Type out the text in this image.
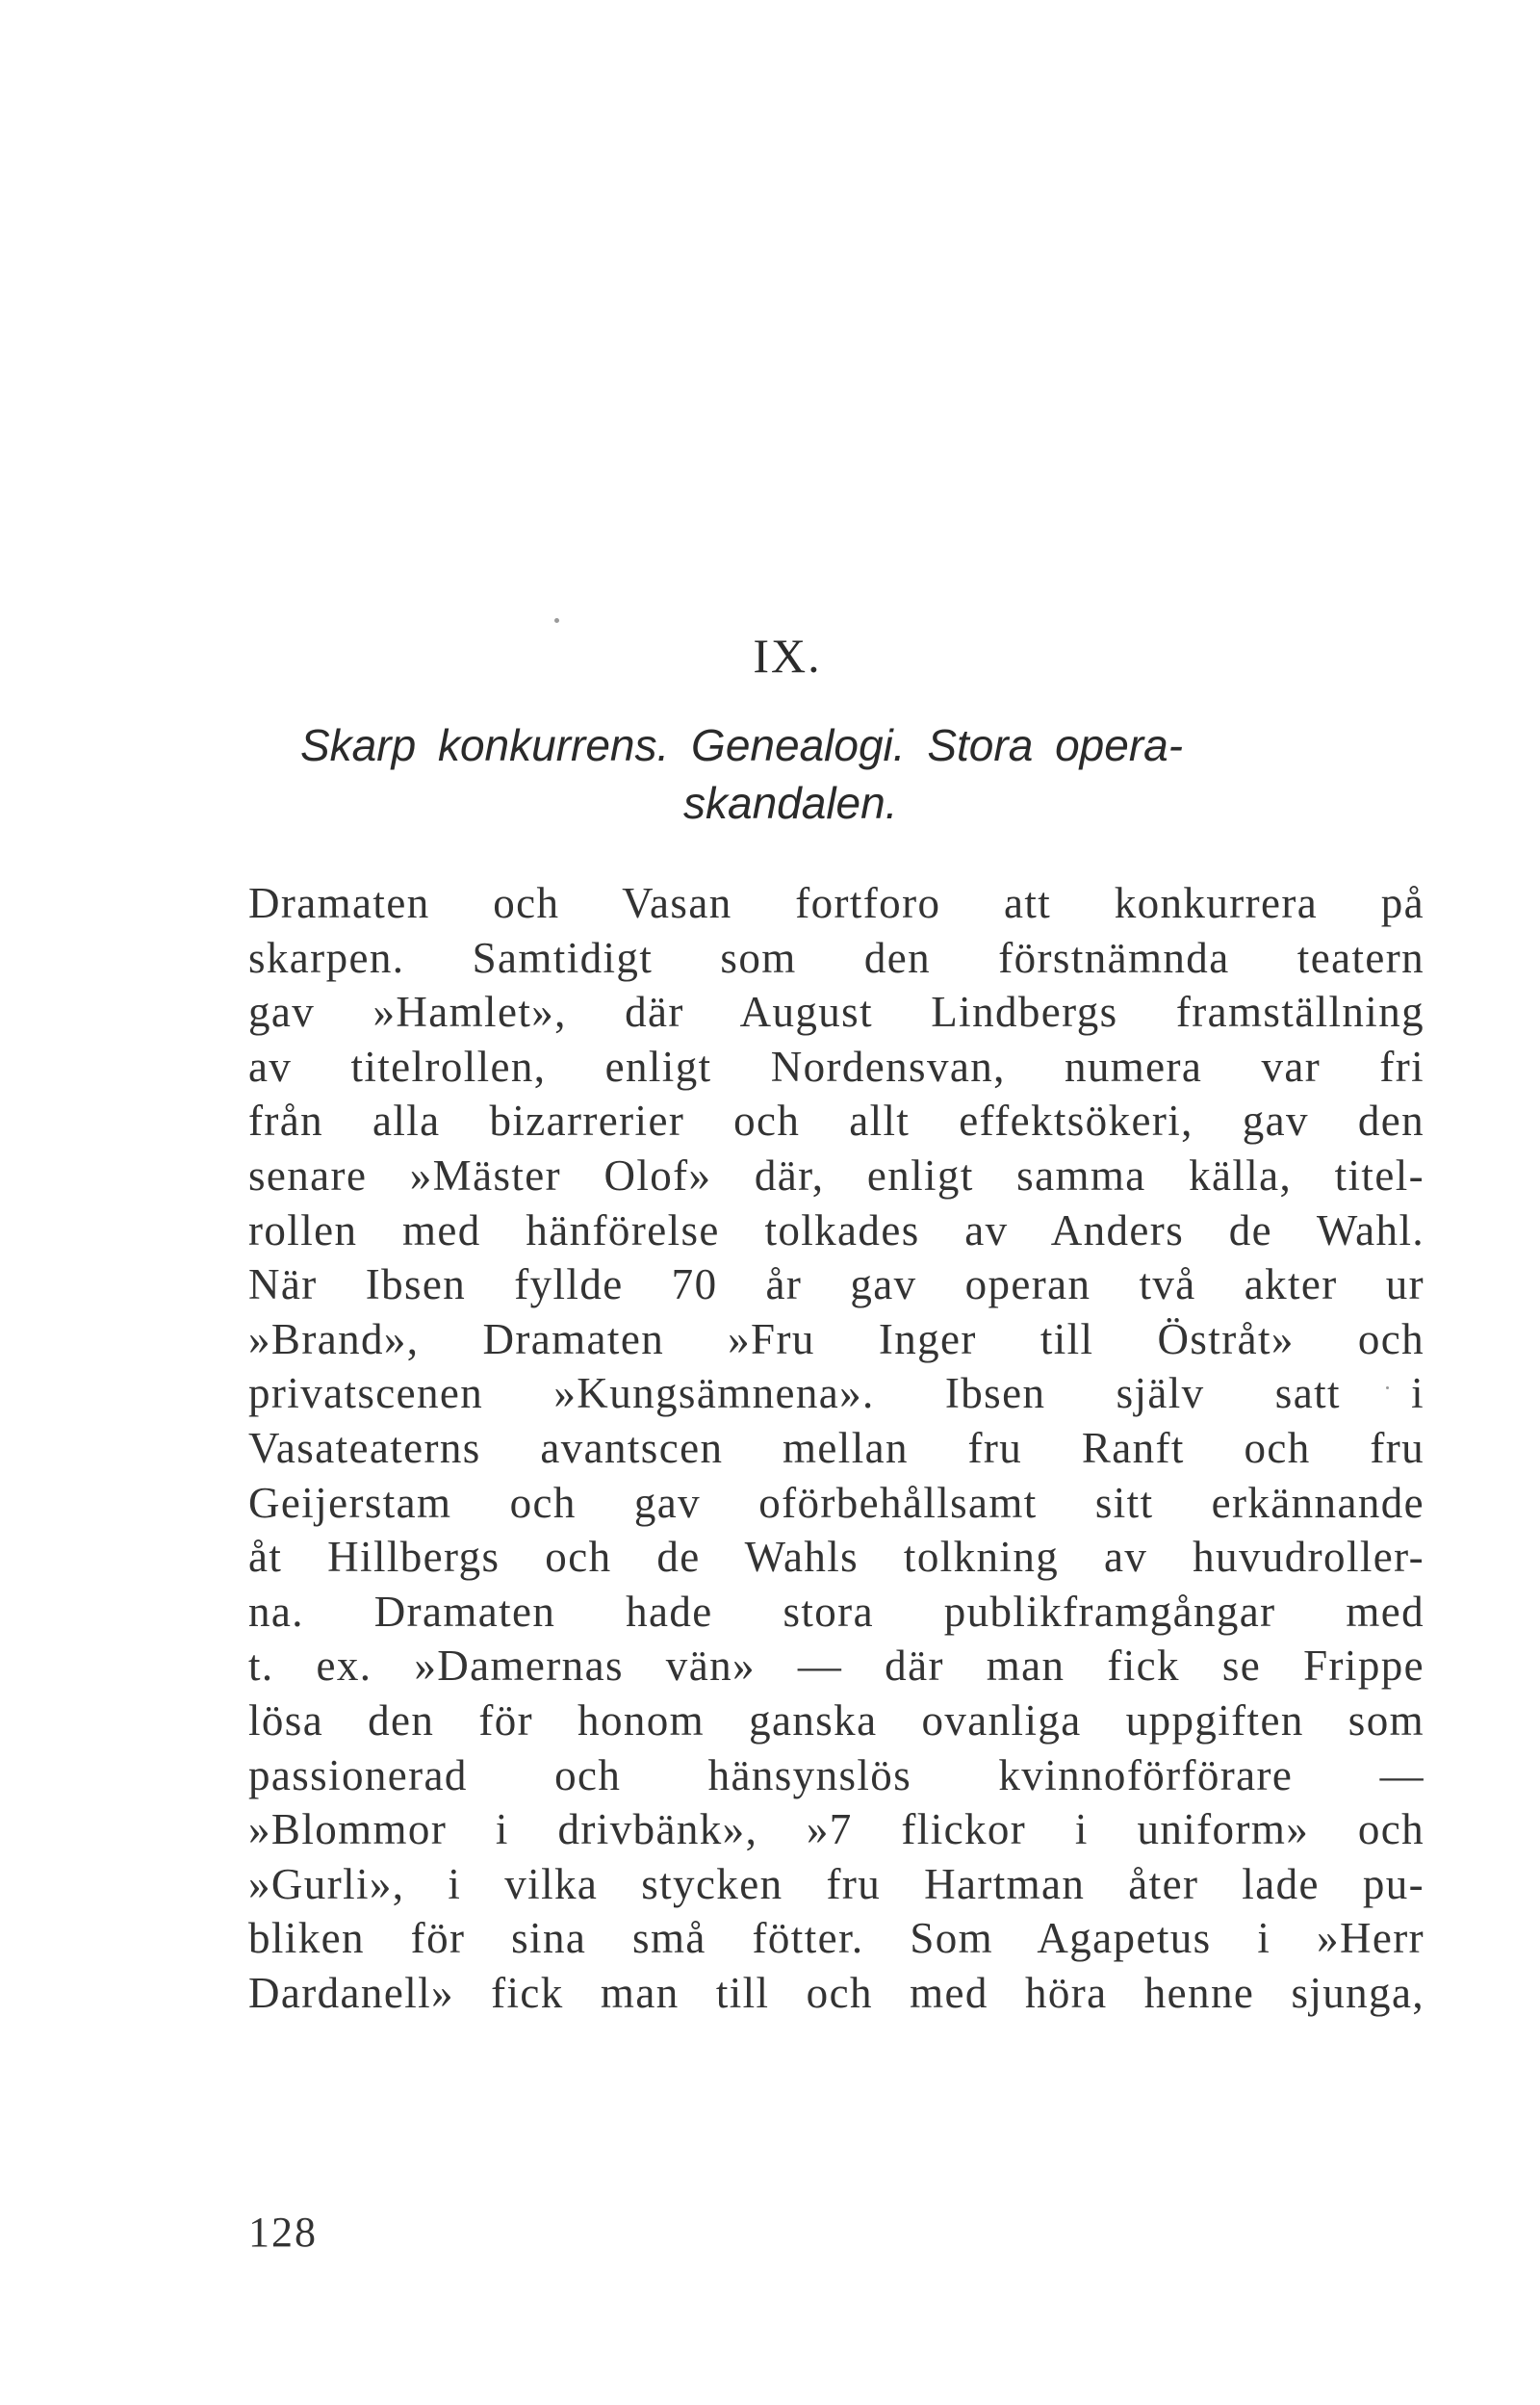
IX.
Skarp konkurrens. Genealogi. Stora opera-
skandalen.
Dramaten och Vasan fortforo att konkurrera på
skarpen. Samtidigt som den förstnämnda teatern
gav »Hamlet», där August Lindbergs framställning
av titelrollen, enligt Nordensvan, numera var fri
från alla bizarrerier och allt effektsökeri, gav den
senare »Mäster Olof» där, enligt samma källa, titel-
rollen med hänförelse tolkades av Anders de Wahl.
När Ibsen fyllde 70 år gav operan två akter ur
»Brand», Dramaten »Fru Inger till Östråt» och
privatscenen »Kungsämnena». Ibsen själv satt i
Vasateaterns avantscen mellan fru Ranft och fru
Geijerstam och gav oförbehållsamt sitt erkännande
åt Hillbergs och de Wahls tolkning av huvudroller-
na. Dramaten hade stora publikframgångar med
t. ex. »Damernas vän» — där man fick se Frippe
lösa den för honom ganska ovanliga uppgiften som
passionerad och hänsynslös kvinnoförförare —
»Blommor i drivbänk», »7 flickor i uniform» och
»Gurli», i vilka stycken fru Hartman åter lade pu-
bliken för sina små fötter. Som Agapetus i »Herr
Dardanell» fick man till och med höra henne sjunga,
128
